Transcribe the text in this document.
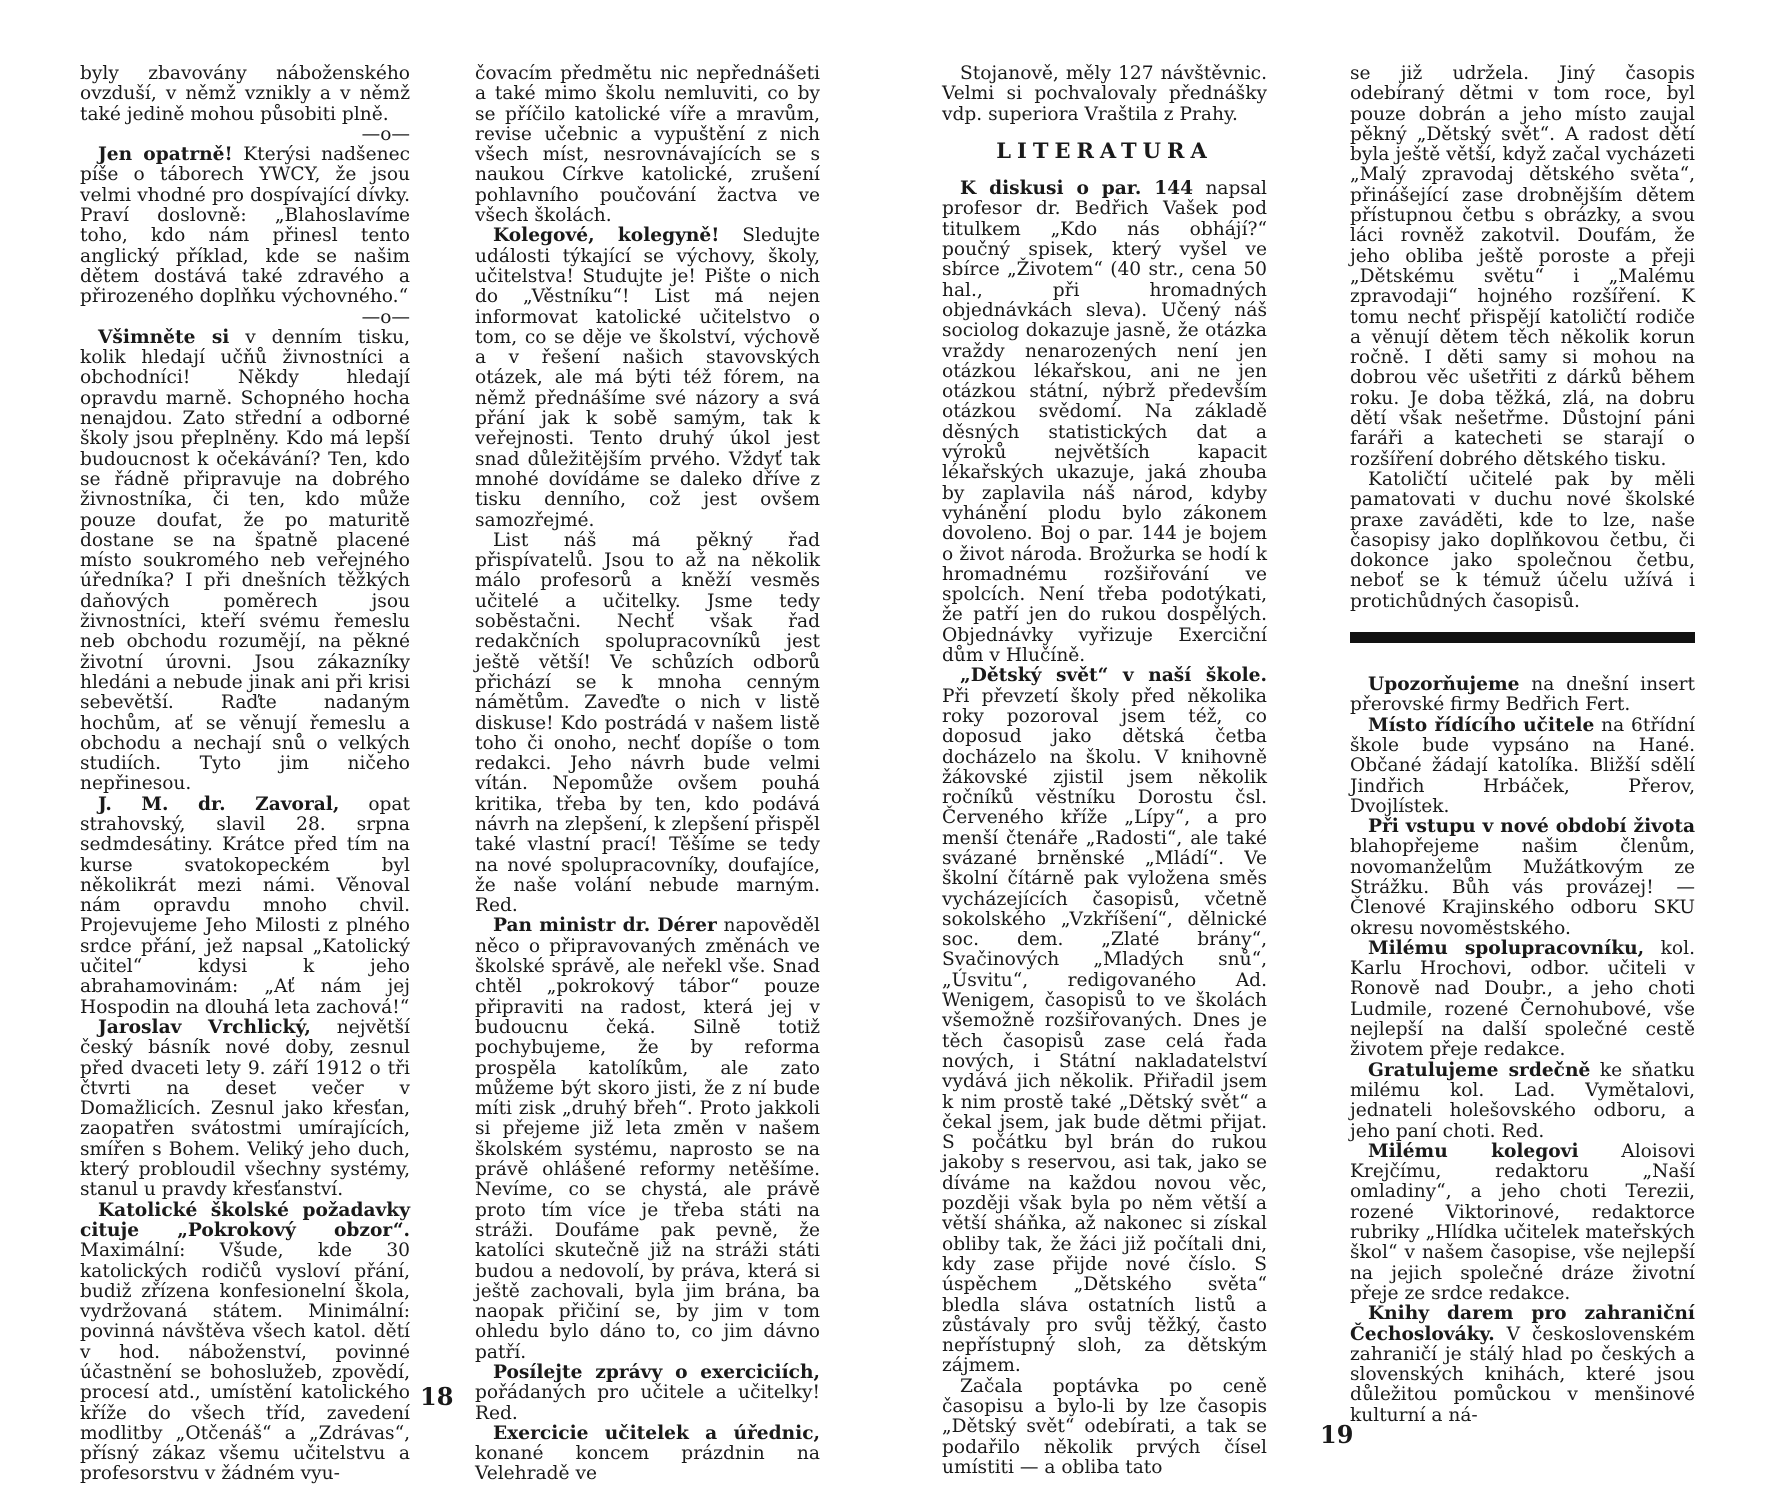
byly zbavovány náboženského ovzduší, v němž vznikly a v němž také jedině mohou působiti plně.

—o—

Jen opatrně! Kterýsi nadšenec píše o táborech YWCY, že jsou velmi vhodné pro dospívající dívky. Praví doslovně: „Blahoslavíme toho, kdo nám přinesl tento anglický příklad, kde se našim dětem dostává také zdravého a přirozeného doplňku výchovného.“

—o—

Všimněte si v denním tisku, kolik hledají učňů živnostníci a obchodníci! Někdy hledají opravdu marně. Schopného hocha nenajdou. Zato střední a odborné školy jsou přeplněny. Kdo má lepší budoucnost k očekávání? Ten, kdo se řádně připravuje na dobrého živnostníka, či ten, kdo může pouze doufat, že po maturitě dostane se na špatně placené místo soukromého neb veřejného úředníka? I při dnešních těžkých daňových poměrech jsou živnostníci, kteří svému řemeslu neb obchodu rozumějí, na pěkné životní úrovni. Jsou zákazníky hledáni a nebude jinak ani při krisi sebevětší. Raďte nadaným hochům, ať se věnují řemeslu a obchodu a nechají snů o velkých studiích. Tyto jim ničeho nepřinesou.

J. M. dr. Zavoral, opat strahovský, slavil 28. srpna sedmdesátiny. Krátce před tím na kurse svatokopeckém byl několikrát mezi námi. Věnoval nám opravdu mnoho chvil. Projevujeme Jeho Milosti z plného srdce přání, jež napsal „Katolický učitel“ kdysi k jeho abrahamovinám: „Ať nám jej Hospodin na dlouhá leta zachová!“

Jaroslav Vrchlický, největší český básník nové doby, zesnul před dvaceti lety 9. září 1912 o tři čtvrti na deset večer v Domažlicích. Zesnul jako křesťan, zaopatřen svátostmi umírajících, smířen s Bohem. Veliký jeho duch, který probloudil všechny systémy, stanul u pravdy křesťanství.

Katolické školské požadavky cituje „Pokrokový obzor“. Maximální: Všude, kde 30 katolických rodičů vysloví přání, budiž zřízena konfesionelní škola, vydržovaná státem. Minimální: povinná návštěva všech katol. dětí v hod. náboženství, povinné účastnění se bohoslužeb, zpovědí, procesí atd., umístění katolického kříže do všech tříd, zavedení modlitby „Otčenáš“ a „Zdrávas“, přísný zákaz všemu učitelstvu a profesorstvu v žádném vyu-

čovacím předmětu nic nepřednášeti a také mimo školu nemluviti, co by se příčilo katolické víře a mravům, revise učebnic a vypuštění z nich všech míst, nesrovnávajících se s naukou Církve katolické, zrušení pohlavního poučování žactva ve všech školách.

Kolegové, kolegyně! Sledujte události týkající se výchovy, školy, učitelstva! Studujte je! Pište o nich do „Věstníku“! List má nejen informovat katolické učitelstvo o tom, co se děje ve školství, výchově a v řešení našich stavovských otázek, ale má býti též fórem, na němž přednášíme své názory a svá přání jak k sobě samým, tak k veřejnosti. Tento druhý úkol jest snad důležitějším prvého. Vždyť tak mnohé dovídáme se daleko dříve z tisku denního, což jest ovšem samozřejmé.

List náš má pěkný řad přispívatelů. Jsou to až na několik málo profesorů a kněží vesměs učitelé a učitelky. Jsme tedy soběstačni. Nechť však řad redakčních spolupracovníků jest ještě větší! Ve schůzích odborů přichází se k mnoha cenným námětům. Zaveďte o nich v listě diskuse! Kdo postrádá v našem listě toho či onoho, nechť dopíše o tom redakci. Jeho návrh bude velmi vítán. Nepomůže ovšem pouhá kritika, třeba by ten, kdo podává návrh na zlepšení, k zlepšení přispěl také vlastní prací! Těšíme se tedy na nové spolupracovníky, doufajíce, že naše volání nebude marným. Red.

Pan ministr dr. Dérer napověděl něco o připravovaných změnách ve školské správě, ale neřekl vše. Snad chtěl „pokrokový tábor“ pouze připraviti na radost, která jej v budoucnu čeká. Silně totiž pochybujeme, že by reforma prospěla katolíkům, ale zato můžeme být skoro jisti, že z ní bude míti zisk „druhý břeh“. Proto jakkoli si přejeme již leta změn v našem školském systému, naprosto se na právě ohlášené reformy netěšíme. Nevíme, co se chystá, ale právě proto tím více je třeba státi na stráži. Doufáme pak pevně, že katolíci skutečně již na stráži státi budou a nedovolí, by práva, která si ještě zachovali, byla jim brána, ba naopak přičiní se, by jim v tom ohledu bylo dáno to, co jim dávno patří.

Posílejte zprávy o exerciciích, pořádaných pro učitele a učitelky! Red.

Exercicie učitelek a úřednic, konané koncem prázdnin na Velehradě ve

18

Stojanově, měly 127 návštěvnic. Velmi si pochvalovaly přednášky vdp. superiora Vraštila z Prahy.

LITERATURA

K diskusi o par. 144 napsal profesor dr. Bedřich Vašek pod titulkem „Kdo nás obhájí?“ poučný spisek, který vyšel ve sbírce „Životem“ (40 str., cena 50 hal., při hromadných objednávkách sleva). Učený náš sociolog dokazuje jasně, že otázka vraždy nenarozených není jen otázkou lékařskou, ani ne jen otázkou státní, nýbrž především otázkou svědomí. Na základě děsných statistických dat a výroků největších kapacit lékařských ukazuje, jaká zhouba by zaplavila náš národ, kdyby vyhánění plodu bylo zákonem dovoleno. Boj o par. 144 je bojem o život národa. Brožurka se hodí k hromadnému rozšiřování ve spolcích. Není třeba podotýkati, že patří jen do rukou dospělých. Objednávky vyřizuje Exerciční dům v Hlučíně.

„Dětský svět“ v naší škole. Při převzetí školy před několika roky pozoroval jsem též, co doposud jako dětská četba docházelo na školu. V knihovně žákovské zjistil jsem několik ročníků věstníku Dorostu čsl. Červeného kříže „Lípy“, a pro menší čtenáře „Radosti“, ale také svázané brněnské „Mládí“. Ve školní čítárně pak vyložena směs vycházejících časopisů, včetně sokolského „Vzkříšení“, dělnické soc. dem. „Zlaté brány“, Svačinových „Mladých snů“, „Úsvitu“, redigovaného Ad. Wenigem, časopisů to ve školách všemožně rozšiřovaných. Dnes je těch časopisů zase celá řada nových, i Státní nakladatelství vydává jich několik. Přiřadil jsem k nim prostě také „Dětský svět“ a čekal jsem, jak bude dětmi přijat. S počátku byl brán do rukou jakoby s reservou, asi tak, jako se díváme na každou novou věc, později však byla po něm větší a větší sháňka, až nakonec si získal obliby tak, že žáci již počítali dni, kdy zase přijde nové číslo. S úspěchem „Dětského světa“ bledla sláva ostatních listů a zůstávaly pro svůj těžký, často nepřístupný sloh, za dětským zájmem.

Začala poptávka po ceně časopisu a bylo-li by lze časopis „Dětský svět“ odebírati, a tak se podařilo několik prvých čísel umístiti — a obliba tato

se již udržela. Jiný časopis odebíraný dětmi v tom roce, byl pouze dobrán a jeho místo zaujal pěkný „Dětský svět“. A radost dětí byla ještě větší, když začal vycházeti „Malý zpravodaj dětského světa“, přinášející zase drobnějším dětem přístupnou četbu s obrázky, a svou láci rovněž zakotvil. Doufám, že jeho obliba ještě poroste a přeji „Dětskému světu“ i „Malému zpravodaji“ hojného rozšíření. K tomu nechť přispějí katoličtí rodiče a věnují dětem těch několik korun ročně. I děti samy si mohou na dobrou věc ušetřiti z dárků během roku. Je doba těžká, zlá, na dobru dětí však nešetřme. Důstojní páni faráři a katecheti se starají o rozšíření dobrého dětského tisku.

Katoličtí učitelé pak by měli pamatovati v duchu nové školské praxe zaváděti, kde to lze, naše časopisy jako doplňkovou četbu, či dokonce jako společnou četbu, neboť se k témuž účelu užívá i protichůdných časopisů.

Upozorňujeme na dnešní insert přerovské firmy Bedřich Fert.

Místo řídícího učitele na 6třídní škole bude vypsáno na Hané. Občané žádají katolíka. Bližší sdělí Jindřich Hrbáček, Přerov, Dvojlístek.

Při vstupu v nové období života blahopřejeme našim členům, novomanželům Mužátkovým ze Strážku. Bůh vás provázej! — Členové Krajinského odboru SKU okresu novoměstského.

Milému spolupracovníku, kol. Karlu Hrochovi, odbor. učiteli v Ronově nad Doubr., a jeho choti Ludmile, rozené Černohubové, vše nejlepší na další společné cestě životem přeje redakce.

Gratulujeme srdečně ke sňatku milému kol. Lad. Vymětalovi, jednateli holešovského odboru, a jeho paní choti. Red.

Milému kolegovi Aloisovi Krejčímu, redaktoru „Naší omladiny“, a jeho choti Terezii, rozené Viktorinové, redaktorce rubriky „Hlídka učitelek mateřských škol“ v našem časopise, vše nejlepší na jejich společné dráze životní přeje ze srdce redakce.

Knihy darem pro zahraniční Čechoslováky. V československém zahraničí je stálý hlad po českých a slovenských knihách, které jsou důležitou pomůckou v menšinové kulturní a ná-

19
